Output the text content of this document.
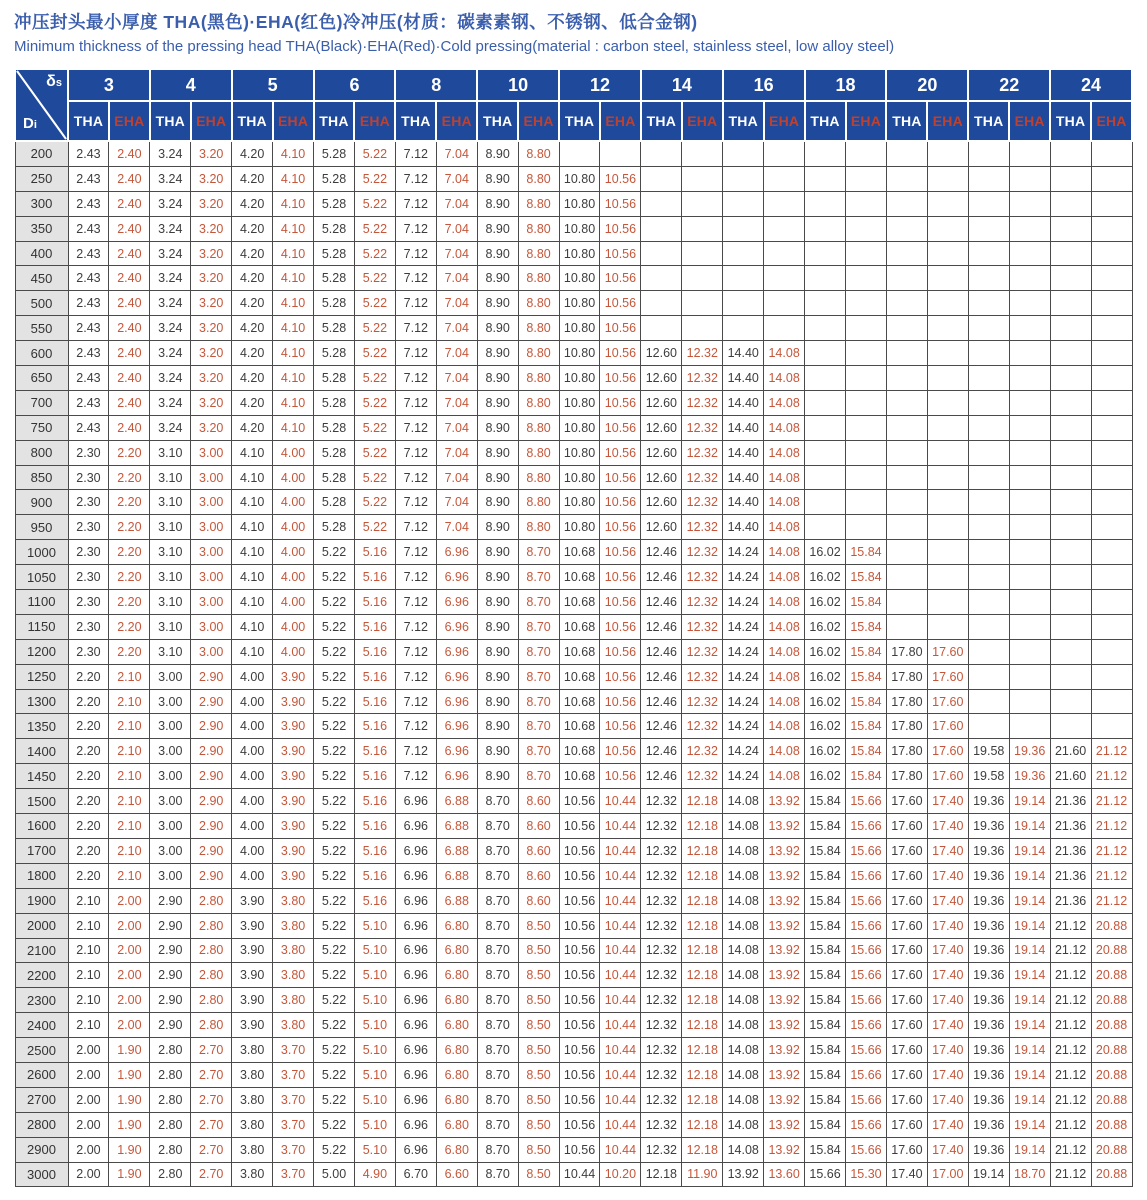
冲压封头最小厚度 THA(黑色)·EHA(红色)冷冲压(材质：碳素素钢、不锈钢、低合金钢)
Minimum thickness of the pressing head THA(Black)·EHA(Red)·Cold pressing(material : carbon steel, stainless steel, low alloy steel)
δs
Di	3		4		5		6		8		10		12		14		16		18		20		22		24	
	THA	EHA	THA	EHA	THA	EHA	THA	EHA	THA	EHA	THA	EHA	THA	EHA	THA	EHA	THA	EHA	THA	EHA	THA	EHA	THA	EHA	THA	EHA
200	2.43	2.40	3.24	3.20	4.20	4.10	5.28	5.22	7.12	7.04	8.90	8.80														
250	2.43	2.40	3.24	3.20	4.20	4.10	5.28	5.22	7.12	7.04	8.90	8.80	10.80	10.56												
300	2.43	2.40	3.24	3.20	4.20	4.10	5.28	5.22	7.12	7.04	8.90	8.80	10.80	10.56												
350	2.43	2.40	3.24	3.20	4.20	4.10	5.28	5.22	7.12	7.04	8.90	8.80	10.80	10.56												
400	2.43	2.40	3.24	3.20	4.20	4.10	5.28	5.22	7.12	7.04	8.90	8.80	10.80	10.56												
450	2.43	2.40	3.24	3.20	4.20	4.10	5.28	5.22	7.12	7.04	8.90	8.80	10.80	10.56												
500	2.43	2.40	3.24	3.20	4.20	4.10	5.28	5.22	7.12	7.04	8.90	8.80	10.80	10.56												
550	2.43	2.40	3.24	3.20	4.20	4.10	5.28	5.22	7.12	7.04	8.90	8.80	10.80	10.56												
600	2.43	2.40	3.24	3.20	4.20	4.10	5.28	5.22	7.12	7.04	8.90	8.80	10.80	10.56	12.60	12.32	14.40	14.08								
650	2.43	2.40	3.24	3.20	4.20	4.10	5.28	5.22	7.12	7.04	8.90	8.80	10.80	10.56	12.60	12.32	14.40	14.08								
700	2.43	2.40	3.24	3.20	4.20	4.10	5.28	5.22	7.12	7.04	8.90	8.80	10.80	10.56	12.60	12.32	14.40	14.08								
750	2.43	2.40	3.24	3.20	4.20	4.10	5.28	5.22	7.12	7.04	8.90	8.80	10.80	10.56	12.60	12.32	14.40	14.08								
800	2.30	2.20	3.10	3.00	4.10	4.00	5.28	5.22	7.12	7.04	8.90	8.80	10.80	10.56	12.60	12.32	14.40	14.08								
850	2.30	2.20	3.10	3.00	4.10	4.00	5.28	5.22	7.12	7.04	8.90	8.80	10.80	10.56	12.60	12.32	14.40	14.08								
900	2.30	2.20	3.10	3.00	4.10	4.00	5.28	5.22	7.12	7.04	8.90	8.80	10.80	10.56	12.60	12.32	14.40	14.08								
950	2.30	2.20	3.10	3.00	4.10	4.00	5.28	5.22	7.12	7.04	8.90	8.80	10.80	10.56	12.60	12.32	14.40	14.08								
1000	2.30	2.20	3.10	3.00	4.10	4.00	5.22	5.16	7.12	6.96	8.90	8.70	10.68	10.56	12.46	12.32	14.24	14.08	16.02	15.84						
1050	2.30	2.20	3.10	3.00	4.10	4.00	5.22	5.16	7.12	6.96	8.90	8.70	10.68	10.56	12.46	12.32	14.24	14.08	16.02	15.84						
1100	2.30	2.20	3.10	3.00	4.10	4.00	5.22	5.16	7.12	6.96	8.90	8.70	10.68	10.56	12.46	12.32	14.24	14.08	16.02	15.84						
1150	2.30	2.20	3.10	3.00	4.10	4.00	5.22	5.16	7.12	6.96	8.90	8.70	10.68	10.56	12.46	12.32	14.24	14.08	16.02	15.84						
1200	2.30	2.20	3.10	3.00	4.10	4.00	5.22	5.16	7.12	6.96	8.90	8.70	10.68	10.56	12.46	12.32	14.24	14.08	16.02	15.84	17.80	17.60				
1250	2.20	2.10	3.00	2.90	4.00	3.90	5.22	5.16	7.12	6.96	8.90	8.70	10.68	10.56	12.46	12.32	14.24	14.08	16.02	15.84	17.80	17.60				
1300	2.20	2.10	3.00	2.90	4.00	3.90	5.22	5.16	7.12	6.96	8.90	8.70	10.68	10.56	12.46	12.32	14.24	14.08	16.02	15.84	17.80	17.60				
1350	2.20	2.10	3.00	2.90	4.00	3.90	5.22	5.16	7.12	6.96	8.90	8.70	10.68	10.56	12.46	12.32	14.24	14.08	16.02	15.84	17.80	17.60				
1400	2.20	2.10	3.00	2.90	4.00	3.90	5.22	5.16	7.12	6.96	8.90	8.70	10.68	10.56	12.46	12.32	14.24	14.08	16.02	15.84	17.80	17.60	19.58	19.36	21.60	21.12
1450	2.20	2.10	3.00	2.90	4.00	3.90	5.22	5.16	7.12	6.96	8.90	8.70	10.68	10.56	12.46	12.32	14.24	14.08	16.02	15.84	17.80	17.60	19.58	19.36	21.60	21.12
1500	2.20	2.10	3.00	2.90	4.00	3.90	5.22	5.16	6.96	6.88	8.70	8.60	10.56	10.44	12.32	12.18	14.08	13.92	15.84	15.66	17.60	17.40	19.36	19.14	21.36	21.12
1600	2.20	2.10	3.00	2.90	4.00	3.90	5.22	5.16	6.96	6.88	8.70	8.60	10.56	10.44	12.32	12.18	14.08	13.92	15.84	15.66	17.60	17.40	19.36	19.14	21.36	21.12
1700	2.20	2.10	3.00	2.90	4.00	3.90	5.22	5.16	6.96	6.88	8.70	8.60	10.56	10.44	12.32	12.18	14.08	13.92	15.84	15.66	17.60	17.40	19.36	19.14	21.36	21.12
1800	2.20	2.10	3.00	2.90	4.00	3.90	5.22	5.16	6.96	6.88	8.70	8.60	10.56	10.44	12.32	12.18	14.08	13.92	15.84	15.66	17.60	17.40	19.36	19.14	21.36	21.12
1900	2.10	2.00	2.90	2.80	3.90	3.80	5.22	5.16	6.96	6.88	8.70	8.60	10.56	10.44	12.32	12.18	14.08	13.92	15.84	15.66	17.60	17.40	19.36	19.14	21.36	21.12
2000	2.10	2.00	2.90	2.80	3.90	3.80	5.22	5.10	6.96	6.80	8.70	8.50	10.56	10.44	12.32	12.18	14.08	13.92	15.84	15.66	17.60	17.40	19.36	19.14	21.12	20.88
2100	2.10	2.00	2.90	2.80	3.90	3.80	5.22	5.10	6.96	6.80	8.70	8.50	10.56	10.44	12.32	12.18	14.08	13.92	15.84	15.66	17.60	17.40	19.36	19.14	21.12	20.88
2200	2.10	2.00	2.90	2.80	3.90	3.80	5.22	5.10	6.96	6.80	8.70	8.50	10.56	10.44	12.32	12.18	14.08	13.92	15.84	15.66	17.60	17.40	19.36	19.14	21.12	20.88
2300	2.10	2.00	2.90	2.80	3.90	3.80	5.22	5.10	6.96	6.80	8.70	8.50	10.56	10.44	12.32	12.18	14.08	13.92	15.84	15.66	17.60	17.40	19.36	19.14	21.12	20.88
2400	2.10	2.00	2.90	2.80	3.90	3.80	5.22	5.10	6.96	6.80	8.70	8.50	10.56	10.44	12.32	12.18	14.08	13.92	15.84	15.66	17.60	17.40	19.36	19.14	21.12	20.88
2500	2.00	1.90	2.80	2.70	3.80	3.70	5.22	5.10	6.96	6.80	8.70	8.50	10.56	10.44	12.32	12.18	14.08	13.92	15.84	15.66	17.60	17.40	19.36	19.14	21.12	20.88
2600	2.00	1.90	2.80	2.70	3.80	3.70	5.22	5.10	6.96	6.80	8.70	8.50	10.56	10.44	12.32	12.18	14.08	13.92	15.84	15.66	17.60	17.40	19.36	19.14	21.12	20.88
2700	2.00	1.90	2.80	2.70	3.80	3.70	5.22	5.10	6.96	6.80	8.70	8.50	10.56	10.44	12.32	12.18	14.08	13.92	15.84	15.66	17.60	17.40	19.36	19.14	21.12	20.88
2800	2.00	1.90	2.80	2.70	3.80	3.70	5.22	5.10	6.96	6.80	8.70	8.50	10.56	10.44	12.32	12.18	14.08	13.92	15.84	15.66	17.60	17.40	19.36	19.14	21.12	20.88
2900	2.00	1.90	2.80	2.70	3.80	3.70	5.22	5.10	6.96	6.80	8.70	8.50	10.56	10.44	12.32	12.18	14.08	13.92	15.84	15.66	17.60	17.40	19.36	19.14	21.12	20.88
3000	2.00	1.90	2.80	2.70	3.80	3.70	5.00	4.90	6.70	6.60	8.70	8.50	10.44	10.20	12.18	11.90	13.92	13.60	15.66	15.30	17.40	17.00	19.14	18.70	21.12	20.88
